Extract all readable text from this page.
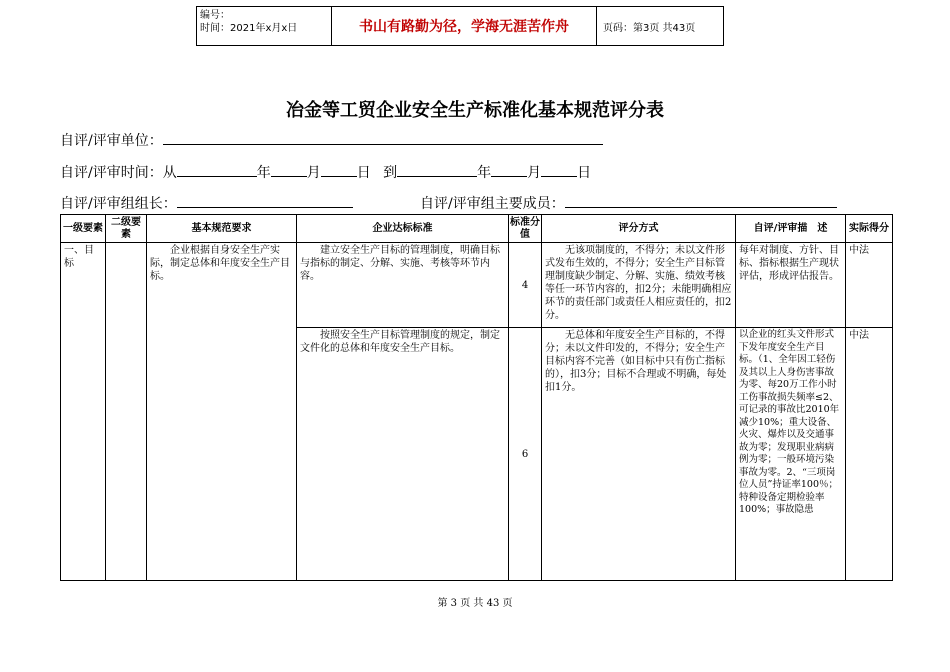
编号：
时间：2021年x月x日	书山有路勤为径，学海无涯苦作舟	页码：第3页 共43页
冶金等工贸企业安全生产标准化基本规范评分表
自评/评审单位：
自评/评审时间：从	年	月	日 到	年	月	日
自评/评审组组长：	自评/评审组主要成员：
一级要素	二级要素	基本规范要求	企业达标标准	标准分值	评分方式	自评/评审描　述	实际得分
一、目标		企业根据自身安全生产实际，制定总体和年度安全生产目标。	建立安全生产目标的管理制度，明确目标与指标的制定、分解、实施、考核等环节内容。	4	无该项制度的，不得分；未以文件形式发布生效的，不得分；安全生产目标管理制度缺少制定、分解、实施、绩效考核等任一环节内容的，扣2分；未能明确相应环节的责任部门或责任人相应责任的，扣2分。	每年对制度、方针、目标、指标根据生产现状评估，形成评估报告。	中法
			按照安全生产目标管理制度的规定，制定文件化的总体和年度安全生产目标。	6	无总体和年度安全生产目标的，不得分；未以文件印发的，不得分；安全生产目标内容不完善（如目标中只有伤亡指标的），扣3分；目标不合理或不明确，每处扣1分。	以企业的红头文件形式下发年度安全生产目标。（1、全年因工轻伤及其以上人身伤害事故为零、每20万工作小时工伤事故损失频率≤2、可记录的事故比2010年减少10%；重大设备、火灾、爆炸以及交通事故为零；发现职业病病例为零；一般环境污染事故为零。2、“三项岗位人员”持证率100％；特种设备定期检验率100%；事故隐患	中法
第 3 页 共 43 页
